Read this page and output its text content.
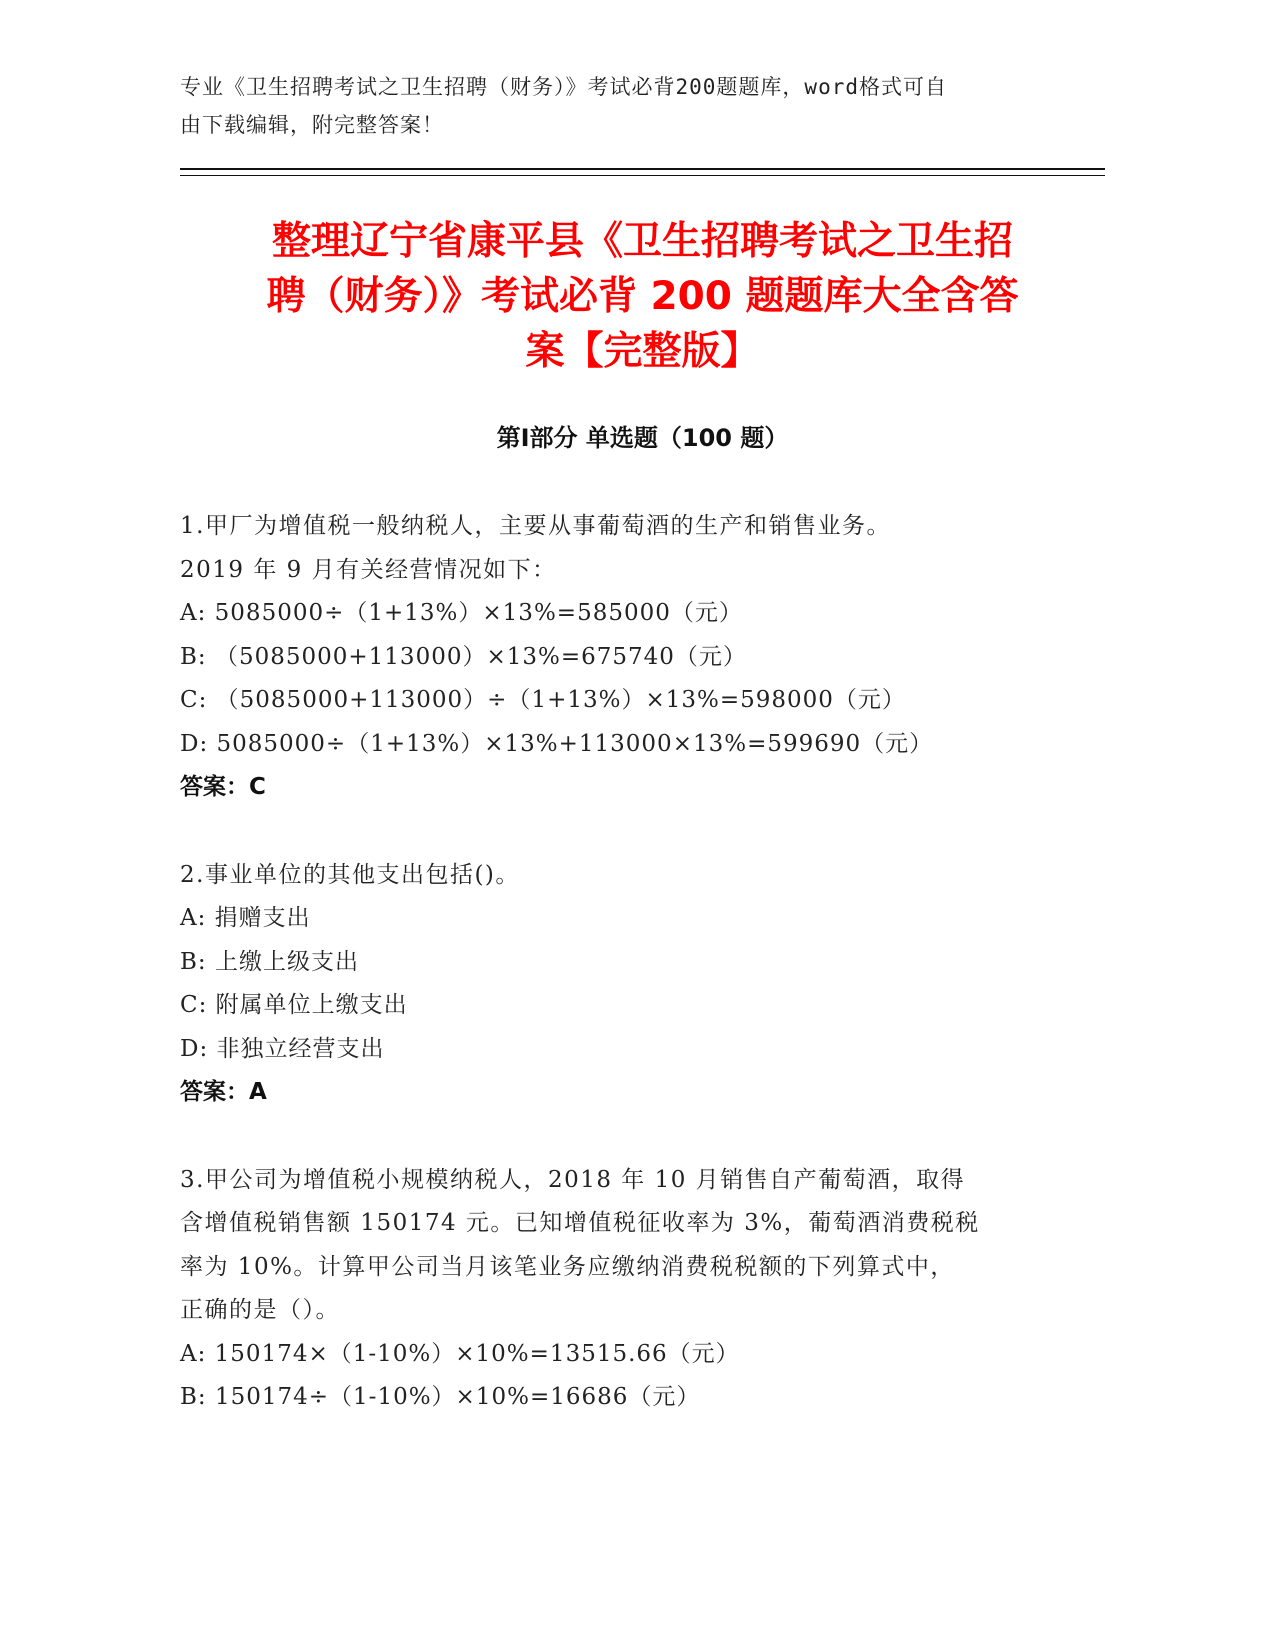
专业《卫生招聘考试之卫生招聘（财务）》考试必背200题题库，word格式可自
由下载编辑，附完整答案！
整理辽宁省康平县《卫生招聘考试之卫生招
聘（财务）》考试必背 200 题题库大全含答
案【完整版】
第Ⅰ部分 单选题（100 题）
1.甲厂为增值税一般纳税人，主要从事葡萄酒的生产和销售业务。
2019 年 9 月有关经营情况如下：
A: 5085000÷（1+13%）×13%=585000（元）
B: （5085000+113000）×13%=675740（元）
C: （5085000+113000）÷（1+13%）×13%=598000（元）
D: 5085000÷（1+13%）×13%+113000×13%=599690（元）
答案：C
2.事业单位的其他支出包括()。
A: 捐赠支出
B: 上缴上级支出
C: 附属单位上缴支出
D: 非独立经营支出
答案：A
3.甲公司为增值税小规模纳税人，2018 年 10 月销售自产葡萄酒，取得
含增值税销售额 150174 元。已知增值税征收率为 3%，葡萄酒消费税税
率为 10%。计算甲公司当月该笔业务应缴纳消费税税额的下列算式中，
正确的是（）。
A: 150174×（1-10%）×10%=13515.66（元）
B: 150174÷（1-10%）×10%=16686（元）
